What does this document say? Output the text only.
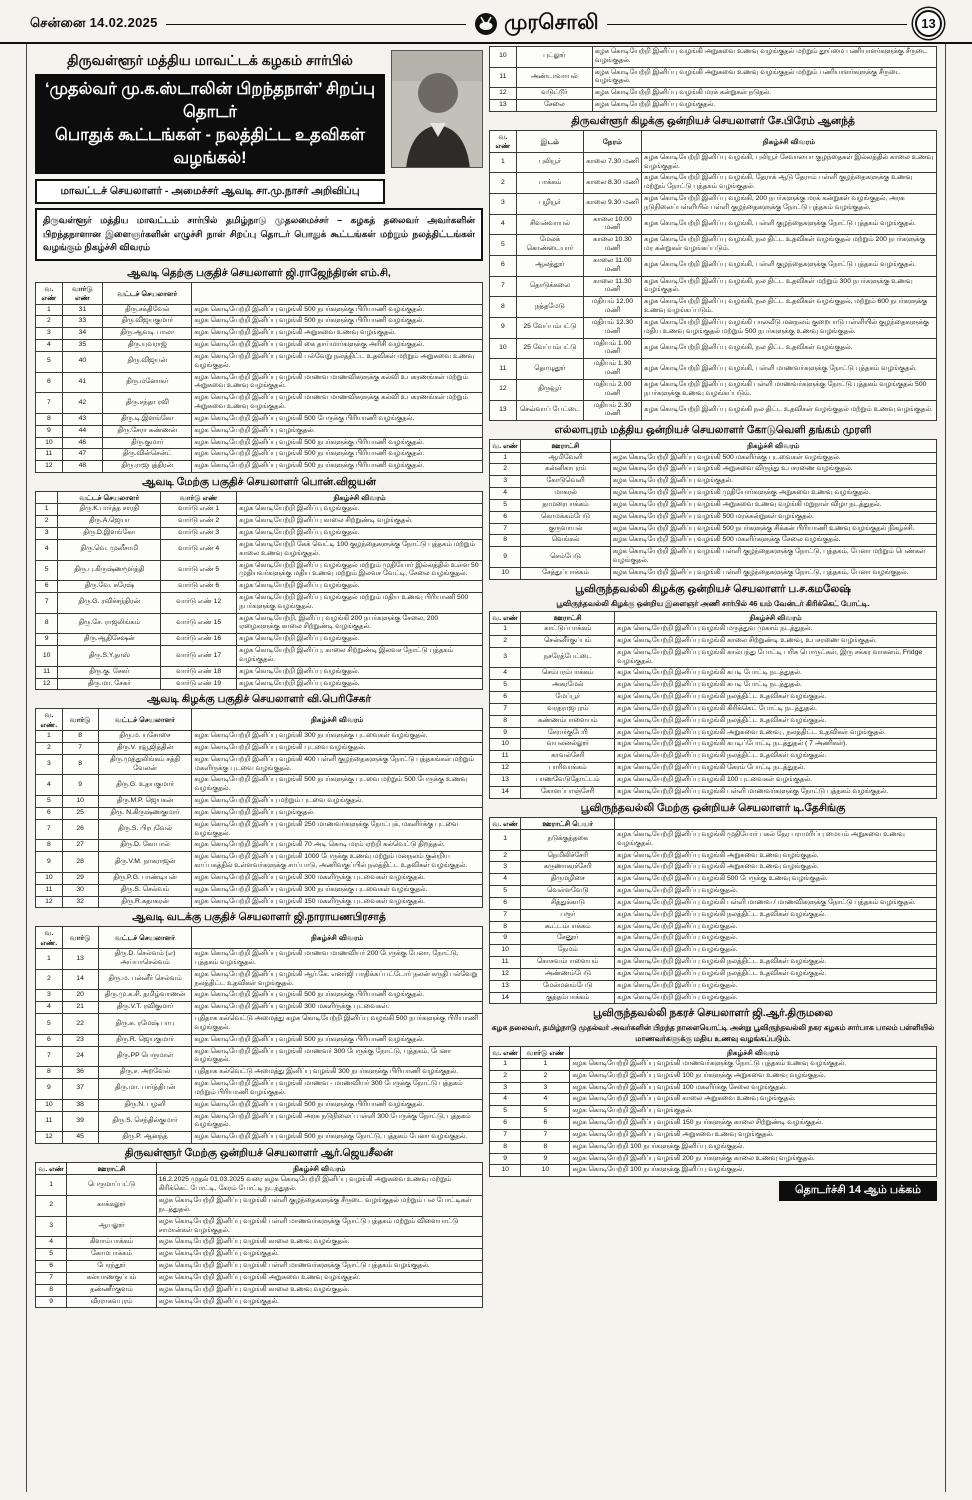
சென்னை 14.02.2025	முரசொலி	13
திருவள்ளூர் மத்திய மாவட்டக் கழகம் சார்பில்
‘முதல்வர் மு.க.ஸ்டாலின் பிறந்தநாள்’ சிறப்பு தொடர்
பொதுக் கூட்டங்கள் - நலத்திட்ட உதவிகள் வழங்கல்!
மாவட்டச் செயலாளர் - அமைச்சர் ஆவடி சா.மு.நாசர் அறிவிப்பு
திருவள்ளூர் மத்திய மாவட்டம் சார்பில் தமிழ்நாடு முதலமைச்சர் – கழகத் தலைவர் அவர்களின் பிறந்தநாளான இளைஞர்களின் எழுச்சி நாள் சிறப்பு தொடர் பொதுக் கூட்டங்கள் மற்றும் நலத்திட்டங்கள் வழங்கும் நிகழ்ச்சி விவரம்
ஆவடி தெற்கு பகுதிச் செயலாளர் ஜி.ராஜேந்திரன் எம்.சி,
வ. எண்	வார்டு எண்	வட்டச் செயலாளர்	
1	31	திரு.சக்திவேல்	கழக கொடியேற்றி இனிப்பு வழங்கி 500 நபர்களுக்கு பிரியாணி வழங்குதல்.
2	33	திரு.விஜயகுமார்	கழக கொடியேற்றி இனிப்பு வழங்கி 500 நபர்களுக்கு பிரியாணி வழங்குதல்.
3	34	திரு.ஆவடி பாலா	கழக கொடியேற்றி இனிப்பு வழங்கி அறுசுவை உணவு வழங்குதல்.
4	35	திரு.யுவராஜ்	கழக கொடியேற்றி இனிப்பு வழங்கி கை தாய்மார்களுக்கு அரிசி வழங்குதல்.
5	40	திரு.விஜயன்	கழக கொடியேற்றி இனிப்பு வழங்கி பல்வேறு நலத்திட்ட உதவிகள் மற்றும் அறுசுவை உணவு வழங்குதல்.
6	41	திரு.மனோகர்	கழக கொடியேற்றி இனிப்பு வழங்கி மாணவ மாணவிகளுக்கு கல்வி உபகரணங்கள் மற்றும் அறுசுவை உணவு வழங்குதல்.
7	42	திரு.சந்தா ரவி	கழக கொடியேற்றி இனிப்பு வழங்கி மாணவ மாணவிகளுக்கு கல்வி உபகரணங்கள் மற்றும் அறுசுவை உணவு வழங்குதல்.
8	43	திரு.டி.இளங்கோ	கழக கொடியேற்றி இனிப்பு வழங்கி 500 பேருக்கு பிரியாணி வழங்குதல்.
9	44	திரு.சேரா கண்ணன்	கழக கொடியேற்றி இனிப்பு வழங்குதல்.
10	46	திரு.குமார்	கழக கொடியேற்றி இனிப்பு வழங்கி 500 நபர்களுக்கு பிரியாணி வழங்குதல்.
11	47	திரு.வின்சென்ட்	கழக கொடியேற்றி இனிப்பு வழங்கி 500 நபர்களுக்கு பிரியாணி வழங்குதல்.
12	48	திரு.ராஜபுத்திரன்	கழக கொடியேற்றி இனிப்பு வழங்கி 500 நபர்களுக்கு பிரியாணி வழங்குதல்.
ஆவடி மேற்கு பகுதிச் செயலாளர் பொன்.விஜயன்
	வட்டச் செயலாளர்	வார்டு எண்	நிகழ்ச்சி விவரம்
1	திரு.K.பார்த்த சாரதி	வார்டு எண் 1	கழக கொடியேற்றி இனிப்பு வழங்குதல்.
2	திரு.A.ஜெயா	வார்டு எண் 2	கழக கொடியேற்றி இனிப்பு காலை சிற்றுண்டி வழங்குதல்.
3	திரு.D.இளங்கோ	வார்டு எண் 3	கழக கொடியேற்றி இனிப்பு வழங்குதல்.
4	திரு.வெ. முனீசாமி	வார்டு எண் 4	கழக கொடியேற்றி கேக் வெட்டி 100 குழந்தைகளுக்கு நோட்டு புத்தகம் மற்றும் காலை உணவு வழங்குதல்.
5	திரு.பு.கிருஷ்ணமூர்த்தி	வார்டு எண் 5	கழக கொடியேற்றி இனிப்பு வழங்குதல் மற்றும் முதியோர் இல்லத்தில் உள்ள 50 முதியவர்களுக்கு மதிய உணவு மற்றும் இலவச வேட்டி, சேலை வழங்குதல்.
6	திரு.வே. சுரேஷ்	வார்டு எண் 6	கழக கொடியேற்றி இனிப்பு வழங்குதல்.
7	திரு.G. ரவிச்சந்திரன்	வார்டு எண் 12	கழக கொடியேற்றி இனிப்பு வழங்குதல் மற்றும் மதிய உணவு பிரியாணி 500 நபர்களுக்கு வழங்குதல்.
8	திரு.சே. ராஜலிங்கம்	வார்டு எண் 15	கழக கொடியேற்றி, இனிப்பு வழங்கி 200 நபர்களுக்கு சேலை, 200 ஏழைகளுக்கு காலை சிற்றுண்டி வழங்குதல்.
9	திரு.ஆதிசேஷன்	வார்டு எண் 16	கழக கொடியேற்றி இனிப்பு வழங்குதல்.
10	திரு.S.Y.தாஸ்	வார்டு எண் 17	கழக கொடியேற்றி இனிப்பு, காலை சிற்றுண்டி இலவச நோட்டு புத்தகம் வழங்குதல்.
11	திரு.கு. சேகர்	வார்டு எண் 18	கழக கொடியேற்றி இனிப்பு வழங்குதல்.
12	திரு.மா. சேகர்	வார்டு எண் 19	கழக கொடியேற்றி இனிப்பு வழங்குதல்.
ஆவடி கிழக்கு பகுதிச் செயலாளர் வி.பெரிசேகர்
வ. எண்.	வார்டு	வட்டச் செயலாளர்	நிகழ்ச்சி விவரம்
1	8	திரு.ம. யசோசை	கழக கொடியேற்றி இனிப்பு வழங்கி 300 நபர்களுக்கு புடவைகள் வழங்குதல்.
2	7	திரு.V. ரவூஜித்தின்	கழக கொடியேற்றி இனிப்பு வழங்கி புடவை வழங்குதல்.
3	8	திரு.முத்துலிங்கம் சத்தி வேலன்	கழக கொடியேற்றி இனிப்பு வழங்கி 400 பள்ளி குழந்தைகளுக்கு நோட்டு புத்தகங்கள் மற்றும் மகளிருக்கு புடவை வழங்குதல்.
4	9	திரு.G. உதயகுமார்	கழக கொடியேற்றி இனிப்பு வழங்கி 500 நபர்களுக்கு புடவை மற்றும் 500 பேருக்கு உணவு வழங்குதல்.
5	10	திரு.M.P. ஜெயகன்	கழக கொடியேற்றி இனிப்பு மற்றும் புடவை வழங்குதல்.
6	25	திரு. N.கிருஷ்ணகுமார்	கழக கொடியேற்றி இனிப்பு வழங்குதல்.
7	26	திரு.S. பிரபுவேல்	கழக கொடியேற்றி இனிப்பு வழங்கி 250 மாணவர்களுக்கு நோட்புக், மகளிர்க்கு புடவை வழங்குதல்.
8	27	திரு.D. கோபால்	கழக கொடியேற்றி இனிப்பு வழங்கி 70 அடி கொடி மரம் ஏற்றி கல்வெட்டு திறத்தல்.
9	28	திரு.V.M. நாகராஜன்	கழக கொடியேற்றி இனிப்பு வழங்கி 1000 பேருக்கு உணவு மற்றும் மனநலம் குன்றிய காப்பகத்தில் உள்ளவர்களுக்கு சாப்பாடு, அணிவகுப்பில் நலத்திட்ட உதவிகள் வழங்குதல்.
10	29	திரு.P.G. பாண்டியன்	கழக கொடியேற்றி இனிப்பு வழங்கி 300 மகளிருக்கு புடவைகள் வழங்குதல்.
11	30	திரு.S. செல்வம்	கழக கொடியேற்றி இனிப்பு வழங்கி 300 நபர்களுக்கு புடவைகள் வழங்குதல்.
12	32	திரு.R.சுதாகரன்	கழக கொடியேற்றி இனிப்பு வழங்கி 150 மகளிருக்கு புடவைகள் வழங்குதல்.
ஆவடி வடக்கு பகுதிச் செயலாளர் ஜி.நாராயணபிரசாத்
வ. எண்.	வார்டு	வட்டச் செயலாளர்	நிகழ்ச்சி விவரம்
1	13	திரு.D. செல்வம் (எ) அய்யாசெல்வம்	கழக கொடியேற்றி இனிப்பு வழங்கி மாணவ மாணவியர் 200 பேருக்கு பேனா, நோட்டு, புத்தகம் வழங்குதல்.
2	14	திரு.ம. பன்னீர் செல்வம்	கழக கொடியேற்றி இனிப்பு வழங்கி ஆர்.கே. எனர்ஜி பாதிக்கப்பட்டோர் நலன் கருதி பல்வேறு நலத்திட்ட உதவிகள் வழங்குதல்.
3	20	திரு.மு.க.சி. தமிழ்வாணன்	கழக கொடியேற்றி இனிப்பு வழங்கி 500 நபர்களுக்கு பிரியாணி வழங்குதல்.
4	21	திரு.V.T. ரவிகுமார்	கழக கொடியேற்றி இனிப்பு வழங்கி 300 மகளிருக்கு புடவைகள்.
5	22	திரு.சு. ரமேஷ் பாபு	புதிதாக கல்வெட்டு அமைத்து கழக கொடியேற்றி இனிப்பு வழங்கி 500 நபர்களுக்கு பிரியாணி வழங்குதல்.
6	23	திரு.R. ஜெயகுமார்	கழக கொடியேற்றி இனிப்பு வழங்கி 500 நபர்களுக்கு பிரியாணி வழங்குதல்.
7	24	திரு.PP பெருமாள்	கழக கொடியேற்றி இனிப்பு வழங்கி மாணவர் 300 பேருக்கு நோட்டு, புத்தகம், பேனா வழங்குதல்.
8	36	திரு.ச. அறவேல்	புதிதாக கல்வெட்டு அமைத்து இனிப்பு வழங்கி 300 நபர்களுக்கு பிரியாணி வழங்குதல்.
9	37	திரு.மா. பார்த்திபன்	கழக கொடியேற்றி இனிப்பு வழங்கி மாணவ - மாணவியர் 300 பேருக்கு நோட்டு புத்தகம் மற்றும் பிரியாணி வழங்குதல்.
10	38	திரு.N. பழனி	கழக கொடியேற்றி இனிப்பு வழங்கி 500 நபர்களுக்கு பிரியாணி வழங்குதல்.
11	39	திரு.S. செந்தில்குமார்	கழக கொடியேற்றி இனிப்பு வழங்கி அரசு நடுநிலைப் பள்ளி 300 பேருக்கு நோட்டு, புத்தகம் வழங்குதல்.
12	45	திரு.P. ஆனந்த்	கழக கொடியேற்றி இனிப்பு வழங்கி 500 நபர்களுக்கு நோட்டு, புத்தகம் பேனா வழங்குதல்.
திருவள்ளூர் மேற்கு ஒன்றியச் செயலாளர் ஆர்.ஜெயசீலன்
வ. எண்	ஊராட்சி	நிகழ்ச்சி விவரம்
1	பெருமாப்பட்டு	16.2.2025 முதல் 01.03.2025 வரை கழக கொடியேற்றி இனிப்பு வழங்கி அறுசுவை உணவு மற்றும் கிரிக்கெட் போட்டி, கேரம் போட்டி நடத்துதல்.
2	காக்கலூர்	கழக கொடியேற்றி இனிப்பு வழங்கி பள்ளி குழந்தைகளுக்கு சீருடை வழங்குதல் மற்றும் பல போட்டிகள் நடத்துதல்.
3	ஆயலூர்	கழக கொடியேற்றி இனிப்பு வழங்கி பள்ளி மாணவர்களுக்கு நோட்டு புத்தகம் மற்றும் விளையாட்டு சாமான்கள் வழங்குதல்.
4	கிளாம்பாக்கம்	கழக கொடியேற்றி இனிப்பு வழங்கி காலை உணவு வழங்குதல்.
5	கோமபாக்கம்	கழக கொடியேற்றி இனிப்பு வழங்குதல்.
6	பேரந்தூர்	கழக கொடியேற்றி இனிப்பு வழங்கி பள்ளி மாணவர்களுக்கு நோட்டு புத்தகம் வழங்குதல்.
7	கல்யாணகுப்பம்	கழக கொடியேற்றி இனிப்பு வழங்கி அறுசுவை உணவு வழங்குதல்.
8	தண்ணீர்குளம்	கழக கொடியேற்றி இனிப்பு வழங்கி காலை உணவு வழங்குதல்.
9	வீரராகவபுரம்	கழக கொடியேற்றி இனிப்பு வழங்குதல்.
10	புட்லூர்	கழக கொடியேற்றி இனிப்பு வழங்கி அறுசுவை உணவு வழங்குதல் மற்றும் தூய்மை பணியாளர்களுக்கு சீருடை வழங்குதல்.
11	அண்டாவாயல்	கழக கொடியேற்றி இனிப்பு வழங்கி அறுசுவை உணவு வழங்குதல் மற்றும் பணியாளர்களுக்கு சீருடை வழங்குதல்.
12	வடுட்டூர்	கழக கொடியேற்றி இனிப்பு வழங்கி மரக் கன்றுகள் நடுதல்.
13	சேலை	கழக கொடியேற்றி இனிப்பு வழங்குதல்.
திருவள்ளூர் கிழக்கு ஒன்றியச் செயலாளர் சே.பிரேம் ஆனந்த்
வ. எண்	இடம்	நேரம்	நிகழ்ச்சி விவரம்
1	புலியூர்	காலை 7.30 மணி	கழக கொடியேற்றி இனிப்பு வழங்கி, புலியூர் சேவாலயா குழந்தைகள் இல்லத்தில் காலை உணவு வழங்குதல்.
2	பாக்கம்	காலை 8.30 மணி	கழக கொடியேற்றி இனிப்பு வழங்கி, தேராக் ஆடு தேராம் பள்ளி குழந்தைகளுக்கு உணவு மற்றும் நோட்டு புத்தகம் வழங்குதல்.
3	புழியூர்	காலை 9.30 மணி	கழக கொடியேற்றி இனிப்பு வழங்கி, 200 நபர்களுக்கு மரக் கன்றுகள் வழங்குதல், அரசு நடுநிலைப்பள்ளியில் பள்ளி குழந்தைகளுக்கு நோட்டு புத்தகம் வழங்குதல்.
4	சிவன்வாயல்	காலை 10.00 மணி	கழக கொடியேற்றி இனிப்பு வழங்கி, பள்ளி குழந்தைகளுக்கு நோட்டு புத்தகம் வழங்குதல்.
5	மேலக் கொண்டையார்	காலை 10.30 மணி	கழக கொடியேற்றி இனிப்பு வழங்கி, நல திட்ட உதவிகள் வழங்குதல் மற்றும் 200 நபர்களுக்கு மர கன்றுகள் வழங்கப்படும்.
6	ஆலத்தூர்	காலை 11.00 மணி	கழக கொடியேற்றி இனிப்பு வழங்கி, பள்ளி குழந்தைகளுக்கு நோட்டு புத்தகம் வழங்குதல்.
7	தொடுக்கலை	காலை 11.30 மணி	கழக கொடியேற்றி இனிப்பு வழங்கி, நல திட்ட உதவிகள் மற்றும் 300 நபர்களுக்கு உணவு வழங்குதல்.
8	நத்தமேடு	மதியம் 12.00 மணி	கழக கொடியேற்றி இனிப்பு வழங்கி, நல திட்ட உதவிகள் வழங்குதல், மற்றும் 600 நபர்களுக்கு உணவு வழங்கப்படும்.
9	25 வேப்பம்பட்டு	மதியம் 12.30 மணி	கழக கொடியேற்றி இனிப்பு வழங்கி பாலவீடு மனநலம் குறைபாடு பள்ளியில் குழந்தைகளுக்கு மதிய உணவு வழங்குதல் மற்றும் 500 நபர்களுக்கு உணவு வழங்குதல்.
10	25 வேப்பம்பட்டு	மதியம் 1.00 மணி	கழக கொடியேற்றி இனிப்பு வழங்கி, நல திட்ட உதவிகள் வழங்குதல்.
11	தொழுதூர்	மதியம் 1.30 மணி	கழக கொடியேற்றி இனிப்பு வழங்கி, பள்ளி மாணவர்களுக்கு நோட்டு புத்தகம் வழங்குதல்.
12	திருவூர்	மதியம் 2.00 மணி	கழக கொடியேற்றி இனிப்பு வழங்கி பள்ளி மாணவர்களுக்கு நோட்டு புத்தகம் வழங்குதல் 500 நபர்களுக்கு உணவு வழங்கப்படும்.
13	செவ்வாப் பேட்டை	மதியம் 2.30 மணி	கழக கொடியேற்றி இனிப்பு வழங்கி நல திட்ட உதவிகள் வழங்குதல் மற்றும் உணவு வழங்குதல்.
எல்லாபுரம் மத்திய ஒன்றியச் செயலாளர் கோடுவெளி தங்கம் முரளி
வ. எண்	ஊராட்சி	நிகழ்ச்சி விவரம்
1	ஆமிவேளி	கழக கொடியேற்றி இனிப்பு வழங்கி 500 மகளிர்க்கு புடவைகள் வழங்குதல்.
2	கன்னிகாபுரம்	கழக கொடியேற்றி இனிப்பு வழங்கி அறுசுவை விருந்து உபசரணை வழங்குதல்.
3	கோடுவெளி	கழக கொடியேற்றி இனிப்பு வழங்குதல்.
4	மாகரல்	கழக கொடியேற்றி இனிப்பு வழங்கி முதியோர்களுக்கு அறுசுவை உணவு வழங்குதல்.
5	தாமரைபாக்கம்	கழக கொடியேற்றி இனிப்பு வழங்கி அறுசுவை உணவு வழங்கி மறுநாள் விழா நடத்துதல்.
6	கொமக்கம்பேடு	கழக கொடியேற்றி இனிப்பு வழங்கி 500 மரக்கன்றுகள் வழங்குதல்.
7	குருவாயல்	கழக கொடியேற்றி இனிப்பு வழங்கி 500 நபர்களுக்கு சிக்கன் பிரியாணி உணவு வழங்குதல் நிகழ்ச்சி.
8	வெங்கல்	கழக கொடியேற்றி இனிப்பு வழங்கி 500 மகளிர்களுக்கு சேலை வழங்குதல்.
9	செம்பேடு	கழக கொடியேற்றி இனிப்பு வழங்கி பள்ளி குழந்தைகளுக்கு நோட்டு, புத்தகம், பேனா மற்றும் பெண்கள் வழங்குதல்.
10	சேத்துப்பாக்கம்	கழக கொடியேற்றி இனிப்பு வழங்கி பள்ளி குழந்தைகளுக்கு நோட்டு, புத்தகம், பேனா வழங்குதல்.
பூவிருந்தவல்லி கிழக்கு ஒன்றியச் செயலாளர் ப.ச.கமலேஷ்

பூவிருந்தவல்லி கிழக்கு ஒன்றிய இளைஞர் அணி சார்பில் 46 யம் வேன்டர் கிரிக்கெட் போட்டி.

வ. எண்	ஊராட்சி	நிகழ்ச்சி விவரம்
1	காட்டுப்பாக்கம்	கழக கொடியேற்றி இனிப்பு வழங்கி மருத்துவ முகாம் நடத்துதல்.
2	சென்னீர்குப்பம்	கழக கொடியேற்றி இனிப்பு வழங்கி காலை சிற்றுண்டி உணவு, உபசரணை வழங்குதல்.
3	நசரேத்பேட்டை	கழக கொடியேற்றி இனிப்பு வழங்கி கால்பந்து போட்டி பரிசு பொருட்கள், இரு சக்கர வாகனம், Fridge வழங்குதல்.
4	செம்பரம்பாக்கம்	கழக கொடியேற்றி இனிப்பு வழங்கி கபடி போட்டி நடத்துதல்.
5	அகரமேல்	கழக கொடியேற்றி இனிப்பு வழங்கி கபடி போட்டி நடத்துதல்.
6	மேப்பூர்	கழக கொடியேற்றி இனிப்பு வழங்கி நலத்திட்ட உதவிகள் வழங்குதல்.
7	வரதராஜபுரம்	கழக கொடியேற்றி இனிப்பு வழங்கி கிரிக்கெட் போட்டி நடத்துதல்.
8	கண்ணம்பாளையம்	கழக கொடியேற்றி இனிப்பு வழங்கி நலத்திட்ட உதவிகள் வழங்குதல்.
9	சேரார்குபேரி	கழக கொடியேற்றி இனிப்பு வழங்கி அறுசுவை உணவு , நலத்திட்ட உதவிகள் வழங்குதல்.
10	வயலனல்லூர்	கழக கொடியேற்றி இனிப்பு வழங்கி கபடிப்போட்டி நடத்துதல் ( 7 அணிகள்).
11	காவல்சேரி	கழக கொடியேற்றி இனிப்பு வழங்கி நலத்திட்ட உதவிகள் வழங்குதல்.
12	பாரிவாக்கம்	கழக கொடியேற்றி இனிப்பு வழங்கி கேரம் போட்டி நடத்துதல்.
13	பாணவேடுதோட்டம்	கழக கொடியேற்றி இனிப்பு வழங்கி 100 புடவைகள் வழங்குதல்.
14	கோளப்பாஞ்சேரி	கழக கொடியேற்றி இனிப்பு வழங்கி பள்ளி மாணவர்களுக்கு நோட்டு புத்தகம் வழங்குதல்.
பூவிருந்தவல்லி மேற்கு ஒன்றியச் செயலாளர் டி.தேசிங்கு
வ. எண்	ஊராட்சி பெயர்	
1	நடுக்குத்தகை	கழக கொடியேற்றி இனிப்பு வழங்கி முதியோர் பகல் நேர பராமரிப்பு மையம் அறுசுவை உணவு வழங்குதல்.
2	நெமிலிச்சேரி	கழக கொடியேற்றி இனிப்பு வழங்கி அறுசுவை உணவு வழங்குதல்.
3	கருணாகரச்சேரி	கழக கொடியேற்றி இனிப்பு வழங்கி அறுசுவை உணவு வழங்குதல்.
4	திருமழிசை	கழக கொடியேற்றி இனிப்பு வழங்கி 500 பேருக்கு உணவு வழங்குதல்.
5	வெள்ளவேடு	கழக கொடியேற்றி இனிப்பு வழங்குதல்.
6	சித்துக்காடு	கழக கொடியேற்றி இனிப்பு வழங்கி பள்ளி மாணவ / மாணவிகளுக்கு நோட்டு புத்தகம் வழங்குதல்.
7	பரூர்	கழக கொடியேற்றி இனிப்பு வழங்கி நலத்திட்ட உதவிகள் வழங்குதல்.
8	கூட்டம்பாக்கம்	கழக கொடியேற்றி இனிப்பு வழங்குதல்.
9	சேனூர்	கழக கொடியேற்றி இனிப்பு வழங்குதல்.
10	நேமம்	கழக கொடியேற்றி இனிப்பு வழங்குதல்.
11	கொசவம்பாளையம்	கழக கொடியேற்றி இனிப்பு வழங்கி நலத்திட்ட உதவிகள் வழங்குதல்.
12	அண்ணம்பேடு	கழக கொடியேற்றி இனிப்பு வழங்கி நலத்திட்ட உதவிகள் வழங்குதல்.
13	மேல்மனம்பேடு	கழக கொடியேற்றி இனிப்பு வழங்குதல்.
14	குத்தம்பாக்கம்	கழக கொடியேற்றி இனிப்பு வழங்குதல்.
பூவிருந்தவல்லி நகரச் செயலாளர் ஜி.ஆர்.திருமலை

கழக தலைவர், தமிழ்நாடு முதல்வர் அவர்களின் பிறந்த நாளையொட்டி அன்று பூவிருந்தவல்லி நகர கழகம் சார்பாக பாலம் பள்ளியில் மாணவர்களுக்கு மதிய உணவு வழங்கப்படும்.

வ. எண்	வார்டு எண்	நிகழ்ச்சி விவரம்
1	1	கழக கொடியேற்றி இனிப்பு வழங்கி மாணவர்களுக்கு நோட்டு புத்தகம் உணவு வழங்குதல்.
2	2	கழக கொடியேற்றி இனிப்பு வழங்கி 100 நபர்களுக்கு அறுசுவை உணவு வழங்குதல்.
3	3	கழக கொடியேற்றி இனிப்பு வழங்கி 100 மகளிர்க்கு சேலை வழங்குதல்.
4	4	கழக கொடியேற்றி இனிப்பு வழங்கி காலை அறுசுவை உணவு வழங்குதல்.
5	5	கழக கொடியேற்றி இனிப்பு வழங்குதல்.
6	6	கழக கொடியேற்றி இனிப்பு வழங்கி 150 நபர்களுக்கு காலை சிற்றுண்டி வழங்குதல்.
7	7	கழக கொடியேற்றி இனிப்பு வழங்கி அறுசுவை உணவு வழங்குதல்.
8	8	கழக கொடியேற்றி 100 நபர்களுக்கு இனிப்பு வழங்குதல்.
9	9	கழக கொடியேற்றி இனிப்பு வழங்கி 200 நபர்களுக்கு காலை உணவு வழங்குதல்.
10	10	கழக கொடியேற்றி 100 நபர்களுக்கு இனிப்பு வழங்குதல்.
தொடர்ச்சி 14 ஆம் பக்கம்
